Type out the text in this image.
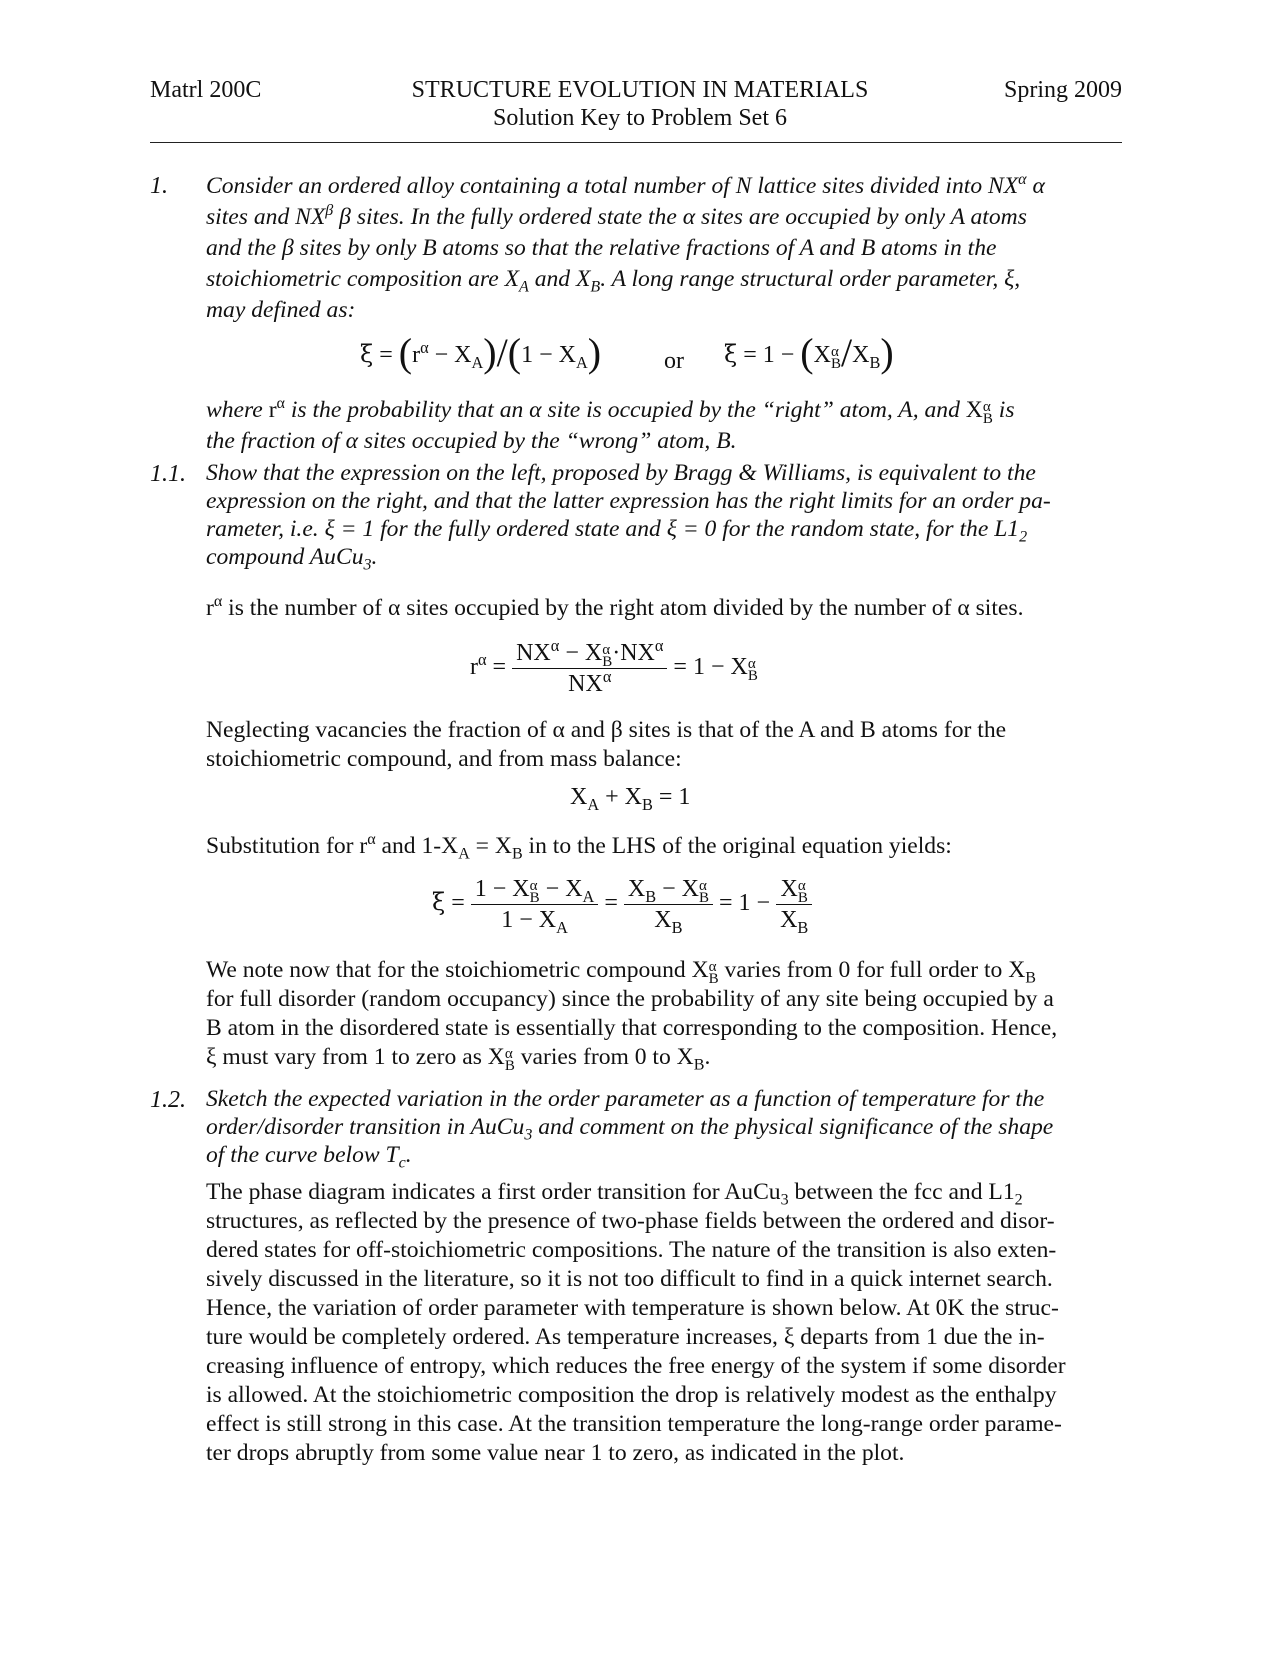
Matrl 200C	STRUCTURE EVOLUTION IN MATERIALS
Solution Key to Problem Set 6
Spring 2009
1. Consider an ordered alloy containing a total number of N lattice sites divided into $NX^\alpha$ α

sites and $NX^\beta$ β sites. In the fully ordered state the α sites are occupied by only A atoms

and the β sites by only B atoms so that the relative fractions of A and B atoms in the

stoichiometric composition are $X_A$ and $X_B$. A long range structural order parameter, ξ,

may defined as:

$\xi = (r^\alpha - X_A)/(1 - X_A)$	or ξ = 1 − (X α
B $/X_B$)

where $r^\alpha$ is the probability that an α site is occupied by the “right” atom, A, and X α
B is

the fraction of α sites occupied by the “wrong” atom, B.

1.1. Show that the expression on the left, proposed by Bragg & Williams, is equivalent to the

expression on the right, and that the latter expression has the right limits for an order pa-

rameter, i.e. ξ = 1 for the fully ordered state and ξ = 0 for the random state, for the $L1_2$

compound AuCu$_3$.

$r^\alpha$ is the number of α sites occupied by the right atom divided by the number of α sites.

$r^\alpha = NX^\alpha - X$ α
$B \cdot NX^\alpha$
$NX^\alpha = 1 - X$ α
B

Neglecting vacancies the fraction of α and β sites is that of the A and B atoms for the

stoichiometric compound, and from mass balance:

$X_A + X_B = 1$

Substitution for $r^\alpha$ and $1-X_A = X_B$ in to the LHS of the original equation yields:

ξ = 1 − X α
$B - X_A$
$1 - X_A = X_B - X$ α
B
$X_B = 1 - X$ α
B
$X_B$

We note now that for the stoichiometric compound X α
B varies from 0 for full order to $X_B$

for full disorder (random occupancy) since the probability of any site being occupied by a

B atom in the disordered state is essentially that corresponding to the composition. Hence,

ξ must vary from 1 to zero as X α
B varies from 0 to $X_B$.

1.2. Sketch the expected variation in the order parameter as a function of temperature for the

order/disorder transition in AuCu$_3$ and comment on the physical significance of the shape

of the curve below $T_c$.

The phase diagram indicates a first order transition for AuCu$_3$ between the fcc and $L1_2$

structures, as reflected by the presence of two-phase fields between the ordered and disor-

dered states for off-stoichiometric compositions. The nature of the transition is also exten-

sively discussed in the literature, so it is not too difficult to find in a quick internet search.

Hence, the variation of order parameter with temperature is shown below. At 0K the struc-

ture would be completely ordered. As temperature increases, ξ departs from 1 due the in-

creasing influence of entropy, which reduces the free energy of the system if some disorder

is allowed. At the stoichiometric composition the drop is relatively modest as the enthalpy

effect is still strong in this case. At the transition temperature the long-range order parame-

ter drops abruptly from some value near 1 to zero, as indicated in the plot.
